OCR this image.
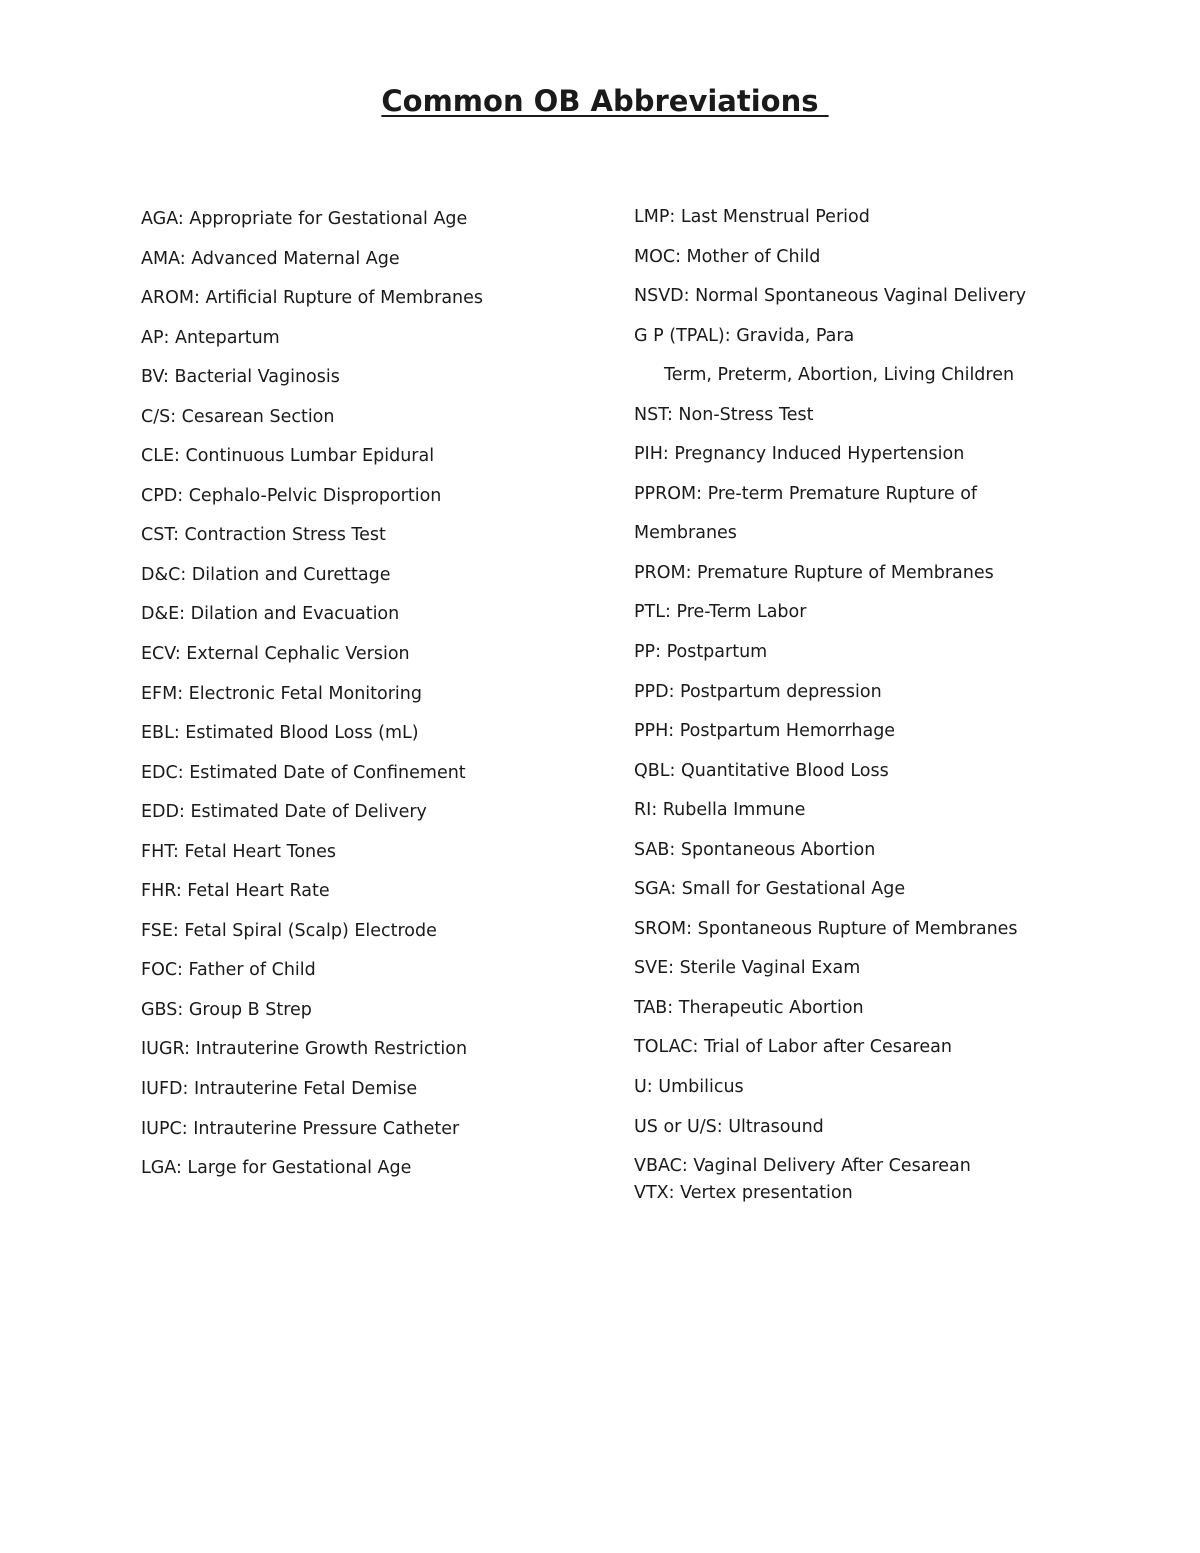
Common OB Abbreviations
AGA: Appropriate for Gestational Age
AMA: Advanced Maternal Age
AROM: Artificial Rupture of Membranes
AP: Antepartum
BV: Bacterial Vaginosis
C/S: Cesarean Section
CLE: Continuous Lumbar Epidural
CPD: Cephalo-Pelvic Disproportion
CST: Contraction Stress Test
D&C: Dilation and Curettage
D&E: Dilation and Evacuation
ECV: External Cephalic Version
EFM: Electronic Fetal Monitoring
EBL: Estimated Blood Loss (mL)
EDC: Estimated Date of Confinement
EDD: Estimated Date of Delivery
FHT: Fetal Heart Tones
FHR: Fetal Heart Rate
FSE: Fetal Spiral (Scalp) Electrode
FOC: Father of Child
GBS: Group B Strep
IUGR: Intrauterine Growth Restriction
IUFD: Intrauterine Fetal Demise
IUPC: Intrauterine Pressure Catheter
LGA: Large for Gestational Age
LMP: Last Menstrual Period
MOC: Mother of Child
NSVD: Normal Spontaneous Vaginal Delivery
G P (TPAL): Gravida, Para
Term, Preterm, Abortion, Living Children
NST: Non-Stress Test
PIH: Pregnancy Induced Hypertension
PPROM: Pre-term Premature Rupture of
Membranes
PROM: Premature Rupture of Membranes
PTL: Pre-Term Labor
PP: Postpartum
PPD: Postpartum depression
PPH: Postpartum Hemorrhage
QBL: Quantitative Blood Loss
RI: Rubella Immune
SAB: Spontaneous Abortion
SGA: Small for Gestational Age
SROM: Spontaneous Rupture of Membranes
SVE: Sterile Vaginal Exam
TAB: Therapeutic Abortion
TOLAC: Trial of Labor after Cesarean
U: Umbilicus
US or U/S: Ultrasound
VBAC: Vaginal Delivery After Cesarean
VTX: Vertex presentation
